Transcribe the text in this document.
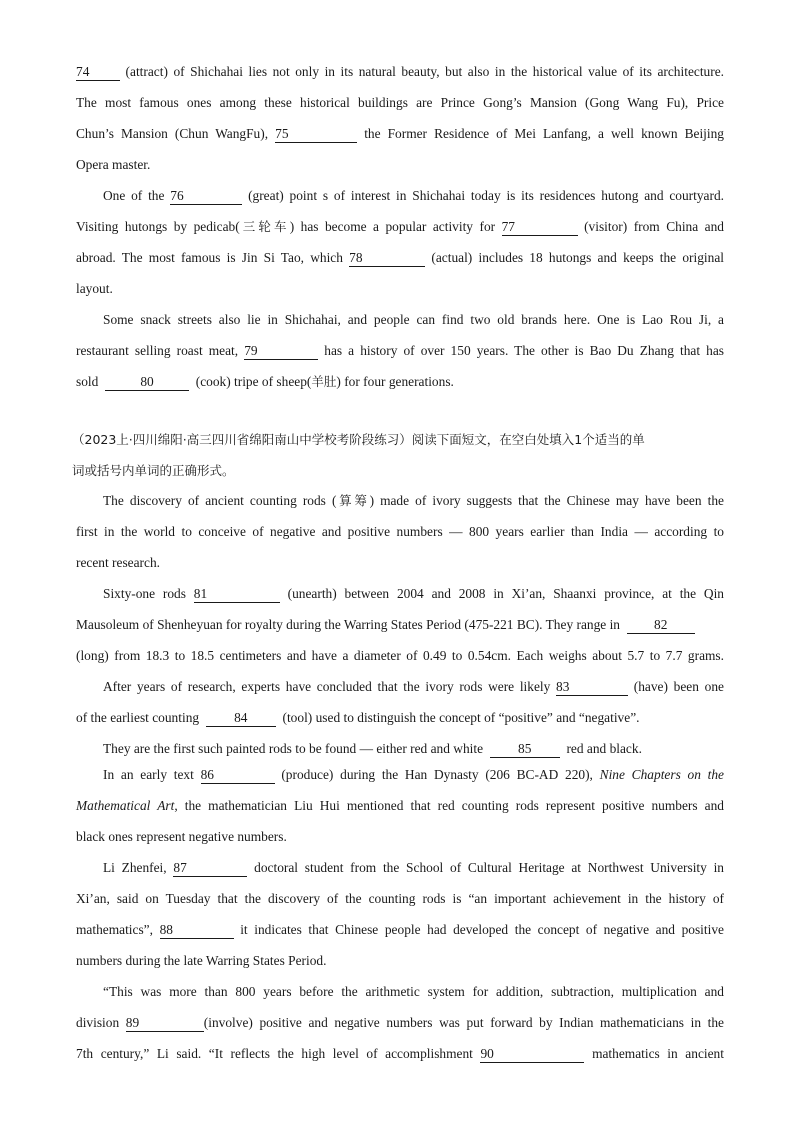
74	(attract) of Shichahai lies not only in its natural beauty, but also in the historical value of its architecture.
The most famous ones among these historical buildings are Prince Gong’s Mansion (Gong Wang Fu), Price
Chun’s Mansion (Chun WangFu), 75	the Former Residence of Mei Lanfang, a well known Beijing
Opera master.
One of the 76	(great) point s of interest in Shichahai today is its residences hutong and courtyard.
Visiting hutongs by pedicab(三轮车) has become a popular activity for 77	(visitor) from China and
abroad. The most famous is Jin Si Tao, which 78	(actual) includes 18 hutongs and keeps the original
layout.
Some snack streets also lie in Shichahai, and people can find two old brands here. One is Lao Rou Ji, a
restaurant selling roast meat, 79	has a history of over 150 years. The other is Bao Du Zhang that has
sold	80	(cook) tripe of sheep(羊肚) for four generations.
（2023上·四川绵阳·高三四川省绵阳南山中学校考阶段练习）阅读下面短文，在空白处填入1个适当的单
词或括号内单词的正确形式。
The discovery of ancient counting rods (算筹) made of ivory suggests that the Chinese may have been the
first in the world to conceive of negative and positive numbers — 800 years earlier than India — according to
recent research.
Sixty-one rods 81	(unearth) between 2004 and 2008 in Xi’an, Shaanxi province, at the Qin
Mausoleum of Shenheyuan for royalty during the Warring States Period (475-221 BC). They range in	82
(long) from 18.3 to 18.5 centimeters and have a diameter of 0.49 to 0.54cm. Each weighs about 5.7 to 7.7 grams.
After years of research, experts have concluded that the ivory rods were likely 83	(have) been one
of the earliest counting	84	(tool) used to distinguish the concept of “positive” and “negative”.
They are the first such painted rods to be found — either red and white	85	red and black.
In an early text 86	(produce) during the Han Dynasty (206 BC-AD 220), Nine Chapters on the
Mathematical Art, the mathematician Liu Hui mentioned that red counting rods represent positive numbers and
black ones represent negative numbers.
Li Zhenfei, 87	doctoral student from the School of Cultural Heritage at Northwest University in
Xi’an, said on Tuesday that the discovery of the counting rods is “an important achievement in the history of
mathematics”, 88	it indicates that Chinese people had developed the concept of negative and positive
numbers during the late Warring States Period.
“This was more than 800 years before the arithmetic system for addition, subtraction, multiplication and
division 89	(involve) positive and negative numbers was put forward by Indian mathematicians in the
7th century,” Li said. “It reflects the high level of accomplishment 90	mathematics in ancient
